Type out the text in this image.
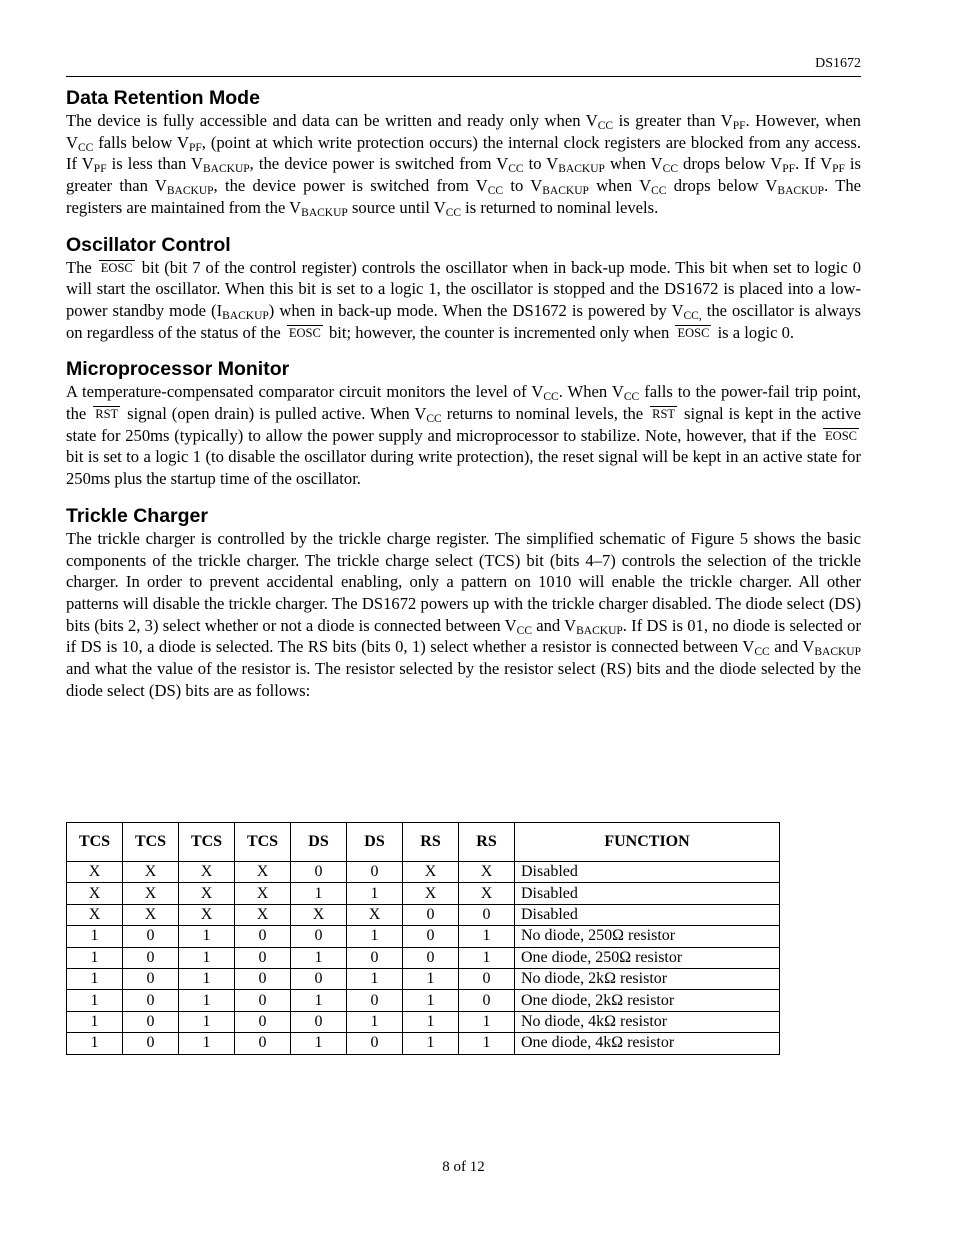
DS1672
Data Retention Mode

The device is fully accessible and data can be written and ready only when $V_{CC}$ is greater than $V_{PF}$. However, when $V_{CC}$ falls below $V_{PF}$, (point at which write protection occurs) the internal clock registers are blocked from any access. If $V_{PF}$ is less than $V_{BACKUP}$, the device power is switched from $V_{CC}$ to $V_{BACKUP}$ when $V_{CC}$ drops below $V_{PF}$. If $V_{PF}$ is greater than $V_{BACKUP}$, the device power is switched from $V_{CC}$ to $V_{BACKUP}$ when $V_{CC}$ drops below $V_{BACKUP}$. The registers are maintained from the $V_{BACKUP}$ source until $V_{CC}$ is returned to nominal levels.

Oscillator Control

The EOSC bit (bit 7 of the control register) controls the oscillator when in back-up mode. This bit when set to logic 0 will start the oscillator. When this bit is set to a logic 1, the oscillator is stopped and the DS1672 is placed into a low-power standby mode $(I_{BACKUP})$ when in back-up mode. When the DS1672 is powered by $V_{CC,}$ the oscillator is always on regardless of the status of the EOSC bit; however, the counter is incremented only when EOSC is a logic 0.

Microprocessor Monitor

A temperature-compensated comparator circuit monitors the level of $V_{CC}$. When $V_{CC}$ falls to the power-fail trip point, the RST signal (open drain) is pulled active. When $V_{CC}$ returns to nominal levels, the RST signal is kept in the active state for 250ms (typically) to allow the power supply and microprocessor to stabilize. Note, however, that if the EOSC bit is set to a logic 1 (to disable the oscillator during write protection), the reset signal will be kept in an active state for 250ms plus the startup time of the oscillator.

Trickle Charger

The trickle charger is controlled by the trickle charge register. The simplified schematic of Figure 5 shows the basic components of the trickle charger. The trickle charge select (TCS) bit (bits 4–7) controls the selection of the trickle charger. In order to prevent accidental enabling, only a pattern on 1010 will enable the trickle charger. All other patterns will disable the trickle charger. The DS1672 powers up with the trickle charger disabled. The diode select (DS) bits (bits 2, 3) select whether or not a diode is connected between $V_{CC}$ and $V_{BACKUP}$. If DS is 01, no diode is selected or if DS is 10, a diode is selected. The RS bits (bits 0, 1) select whether a resistor is connected between $V_{CC}$ and $V_{BACKUP}$ and what the value of the resistor is. The resistor selected by the resistor select (RS) bits and the diode selected by the diode select (DS) bits are as follows:

TCS	TCS	TCS	TCS	DS	DS	RS	RS	FUNCTION
X	X	X	X	0	0	X	X	Disabled
X	X	X	X	1	1	X	X	Disabled
X	X	X	X	X	X	0	0	Disabled
1	0	1	0	0	1	0	1	No diode, 250Ω resistor
1	0	1	0	1	0	0	1	One diode, 250Ω resistor
1	0	1	0	0	1	1	0	No diode, 2kΩ resistor
1	0	1	0	1	0	1	0	One diode, 2kΩ resistor
1	0	1	0	0	1	1	1	No diode, 4kΩ resistor
1	0	1	0	1	0	1	1	One diode, 4kΩ resistor
8 of 12
